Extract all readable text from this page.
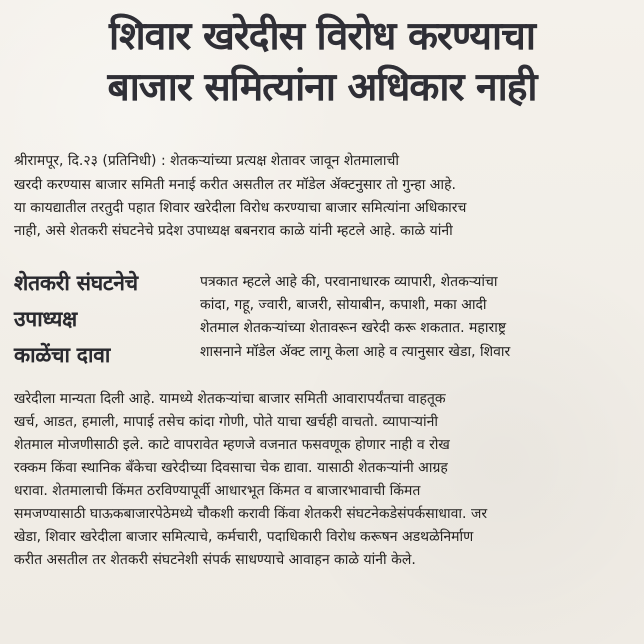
शिवार खरेदीस विरोध करण्याचा
बाजार समित्यांना अधिकार नाही
श्रीरामपूर, दि.२३ (प्रतिनिधी) : शेतकऱ्यांच्या प्रत्यक्ष शेतावर जावून शेतमालाची
खरदी करण्यास बाजार समिती मनाई करीत असतील तर मॉडेल ॲक्टनुसार तो गुन्हा आहे.
या कायद्यातील तरतुदी पहात शिवार खरेदीला विरोध करण्याचा बाजार समित्यांना अधिकारच
नाही, असे शेतकरी संघटनेचे प्रदेश उपाध्यक्ष बबनराव काळे यांनी म्हटले आहे. काळे यांनी
शेतकरी संघटनेचे
उपाध्यक्ष
काळेंचा दावा
पत्रकात म्हटले आहे की, परवानाधारक व्यापारी, शेतकऱ्यांचा
कांदा, गहू, ज्वारी, बाजरी, सोयाबीन, कपाशी, मका आदी
शेतमाल शेतकऱ्यांच्या शेतावरून खरेदी करू शकतात. महाराष्ट्र
शासनाने मॉडेल ॲक्ट लागू केला आहे व त्यानुसार खेडा, शिवार
खरेदीला मान्यता दिली आहे. यामध्ये शेतकऱ्यांचा बाजार समिती आवारापर्यंतचा वाहतूक
खर्च, आडत, हमाली, मापाई तसेच कांदा गोणी, पोते याचा खर्चही वाचतो. व्यापाऱ्यांनी
शेतमाल मोजणीसाठी इले. काटे वापरावेत म्हणजे वजनात फसवणूक होणार नाही व रोख
रक्कम किंवा स्थानिक बँकेचा खरेदीच्या दिवसाचा चेक द्यावा. यासाठी शेतकऱ्यांनी आग्रह
धरावा. शेतमालाची किंमत ठरविण्यापूर्वी आधारभूत किंमत व बाजारभावाची किंमत
समजण्यासाठी घाऊकबाजारपेठेमध्ये चौकशी करावी किंवा शेतकरी संघटनेकडेसंपर्कसाधावा. जर
खेडा, शिवार खरेदीला बाजार समित्याचे, कर्मचारी, पदाधिकारी विरोध करूषन अडथळेनिर्माण
करीत असतील तर शेतकरी संघटनेशी संपर्क साधण्याचे आवाहन काळे यांनी केले.
